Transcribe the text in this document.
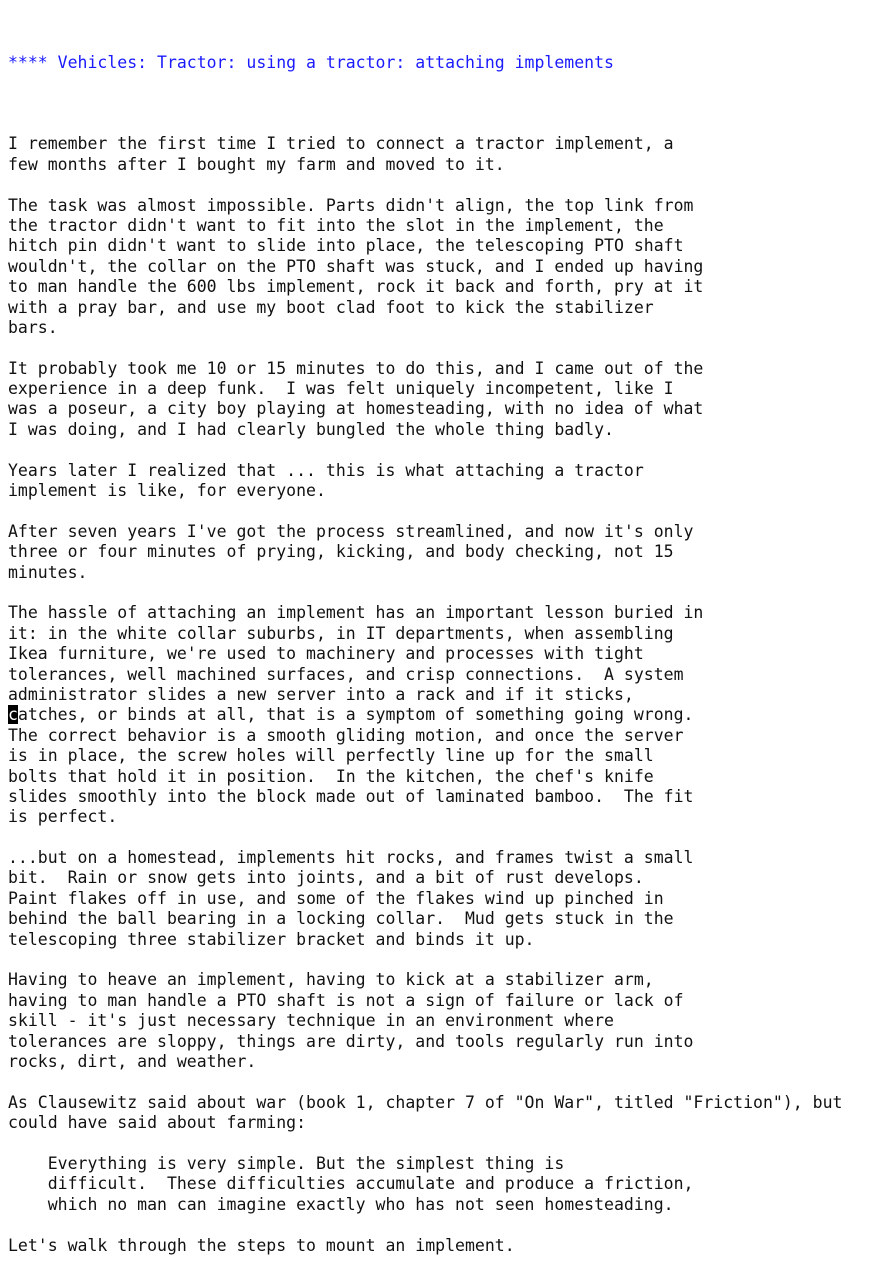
**** Vehicles: Tractor: using a tractor: attaching implements

I remember the first time I tried to connect a tractor implement, a
few months after I bought my farm and moved to it.
The task was almost impossible. Parts didn't align, the top link from
the tractor didn't want to fit into the slot in the implement, the
hitch pin didn't want to slide into place, the telescoping PTO shaft
wouldn't, the collar on the PTO shaft was stuck, and I ended up having
to man handle the 600 lbs implement, rock it back and forth, pry at it
with a pray bar, and use my boot clad foot to kick the stabilizer
bars.
It probably took me 10 or 15 minutes to do this, and I came out of the
experience in a deep funk.  I was felt uniquely incompetent, like I
was a poseur, a city boy playing at homesteading, with no idea of what
I was doing, and I had clearly bungled the whole thing badly.
Years later I realized that ... this is what attaching a tractor
implement is like, for everyone.
After seven years I've got the process streamlined, and now it's only
three or four minutes of prying, kicking, and body checking, not 15
minutes.
The hassle of attaching an implement has an important lesson buried in
it: in the white collar suburbs, in IT departments, when assembling
Ikea furniture, we're used to machinery and processes with tight
tolerances, well machined surfaces, and crisp connections.  A system
administrator slides a new server into a rack and if it sticks,
catches, or binds at all, that is a symptom of something going wrong.
The correct behavior is a smooth gliding motion, and once the server
is in place, the screw holes will perfectly line up for the small
bolts that hold it in position.  In the kitchen, the chef's knife
slides smoothly into the block made out of laminated bamboo.  The fit
is perfect.
...but on a homestead, implements hit rocks, and frames twist a small
bit.  Rain or snow gets into joints, and a bit of rust develops.
Paint flakes off in use, and some of the flakes wind up pinched in
behind the ball bearing in a locking collar.  Mud gets stuck in the
telescoping three stabilizer bracket and binds it up.
Having to heave an implement, having to kick at a stabilizer arm,
having to man handle a PTO shaft is not a sign of failure or lack of
skill - it's just necessary technique in an environment where
tolerances are sloppy, things are dirty, and tools regularly run into
rocks, dirt, and weather.
As Clausewitz said about war (book 1, chapter 7 of "On War", titled "Friction"), but
could have said about farming:
Everything is very simple. But the simplest thing is
difficult.  These difficulties accumulate and produce a friction,
which no man can imagine exactly who has not seen homesteading.
Let's walk through the steps to mount an implement.
